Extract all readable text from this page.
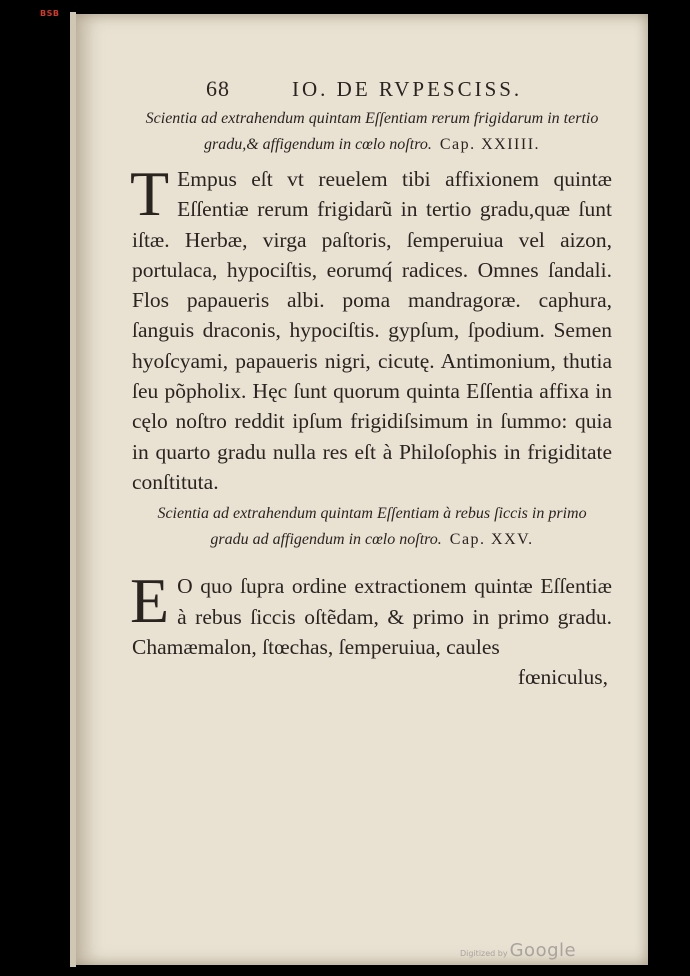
BSB
68	IO. DE RVPESCISS.

Scientia ad extrahendum quintam Eſſentiam rerum frigidarum in tertio gradu,& affigendum in cœlo noſtro. Cap. XXIIII.

T Empus eſt vt reuelem tibi affixionem quintæ Eſſentiæ rerum frigidarũ in tertio gradu,quæ ſunt iſtæ. Herbæ, virga paſtoris, ſemperuiua vel aizon, portulaca, hypociſtis, eorumq́ radices. Omnes ſandali. Flos papaueris albi. poma mandragoræ. caphura, ſanguis draconis, hypociſtis. gypſum, ſpodium. Semen hyoſcyami, papaueris nigri, cicutę. Antimonium, thutia ſeu põpholix. Hęc ſunt quorum quinta Eſſentia affixa in cęlo noſtro reddit ipſum frigidiſsimum in ſummo: quia in quarto gradu nulla res eſt à Philoſophis in frigiditate conſtituta.

Scientia ad extrahendum quintam Eſſentiam à rebus ſiccis in primo gradu ad affigendum in cœlo noſtro. Cap. XXV.

E O quo ſupra ordine extractionem quintæ Eſſentiæ à rebus ſiccis oſtẽdam, & primo in primo gradu. Chamæmalon, ſtœchas, ſemperuiua, caules

fœniculus,

Digitized by Google
